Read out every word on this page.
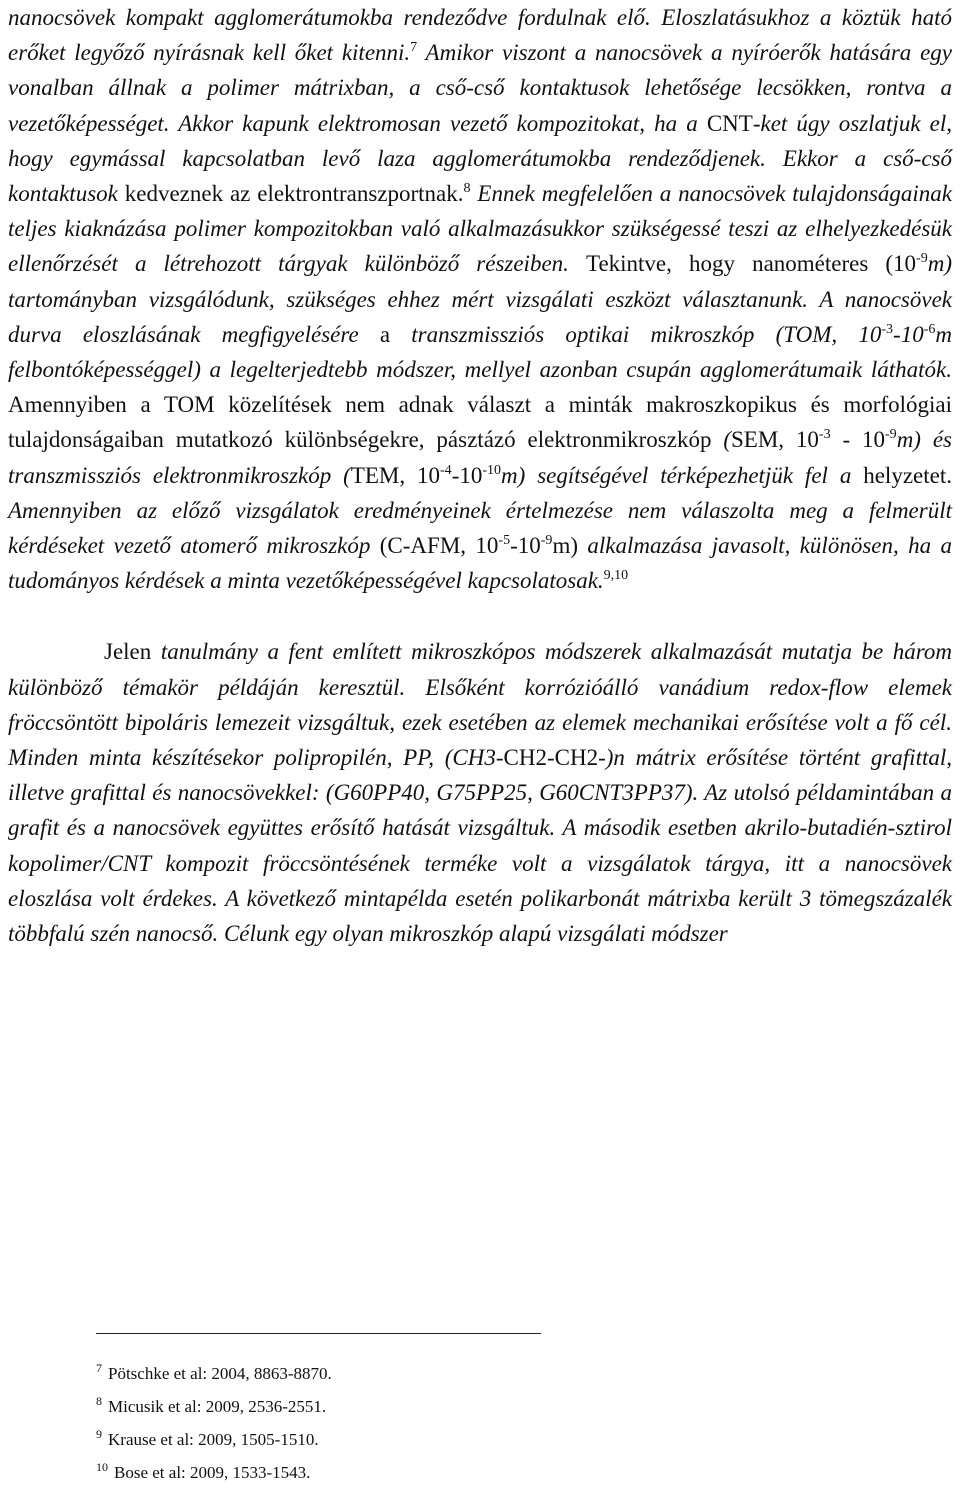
nanocsövek kompakt agglomerátumokba rendeződve fordulnak elő. Eloszlatásukhoz a köztük ható erőket legyőző nyírásnak kell őket kitenni.$^7$ Amikor viszont a nanocsövek a nyíróerők hatására egy vonalban állnak a polimer mátrixban, a cső-cső kontaktusok lehetősége lecsökken, rontva a vezetőképességet. Akkor kapunk elektromosan vezető kompozitokat, ha a CNT-ket úgy oszlatjuk el, hogy egymással kapcsolatban levő laza agglomerátumokba rendeződjenek. Ekkor a cső-cső kontaktusok kedveznek az elektrontranszportnak.$^8$ Ennek megfelelően a nanocsövek tulajdonságainak teljes kiaknázása polimer kompozitokban való alkalmazásukkor szükségessé teszi az elhelyezkedésük ellenőrzését a létrehozott tárgyak különböző részeiben. Tekintve, hogy nanométeres $(10^{-9}m)$ tartományban vizsgálódunk, szükséges ehhez mért vizsgálati eszközt választanunk. A nanocsövek durva eloszlásának megfigyelésére a transzmissziós optikai mikroszkóp (TOM, $10^{-3}-10^{-6}m$ felbontóképességgel) a legelterjedtebb módszer, mellyel azonban csupán agglomerátumaik láthatók. Amennyiben a TOM közelítések nem adnak választ a minták makroszkopikus és morfológiai tulajdonságaiban mutatkozó különbségekre, pásztázó elektronmikroszkóp (SEM, $10^{-3} - 10^{-9}m$) és transzmissziós elektronmikroszkóp (TEM, $10^{-4}-10^{-10}m$) segítségével térképezhetjük fel a helyzetet. Amennyiben az előző vizsgálatok eredményeinek értelmezése nem válaszolta meg a felmerült kérdéseket vezető atomerő mikroszkóp (C-AFM, $10^{-5}-10^{-9}m$) alkalmazása javasolt, különösen, ha a tudományos kérdések a minta vezetőképességével kapcsolatosak.$^{9,10}$

Jelen tanulmány a fent említett mikroszkópos módszerek alkalmazását mutatja be három különböző témakör példáján keresztül. Elsőként korrózióálló vanádium redox-flow elemek fröccsöntött bipoláris lemezeit vizsgáltuk, ezek esetében az elemek mechanikai erősítése volt a fő cél. Minden minta készítésekor polipropilén, PP, (CH3-CH2-CH2-)n mátrix erősítése történt grafittal, illetve grafittal és nanocsövekkel: (G60PP40, G75PP25, G60CNT3PP37). Az utolsó példamintában a grafit és a nanocsövek együttes erősítő hatását vizsgáltuk. A második esetben akrilo-butadién-sztirol kopolimer/CNT kompozit fröccsöntésének terméke volt a vizsgálatok tárgya, itt a nanocsövek eloszlása volt érdekes. A következő mintapélda esetén polikarbonát mátrixba került 3 tömegszázalék többfalú szén nanocső. Célunk egy olyan mikroszkóp alapú vizsgálati módszer

$^7$ Pötschke et al: 2004, 8863-8870.
$^8$ Micusik et al: 2009, 2536-2551.
$^9$ Krause et al: 2009, 1505-1510.
$^{10}$ Bose et al: 2009, 1533-1543.
